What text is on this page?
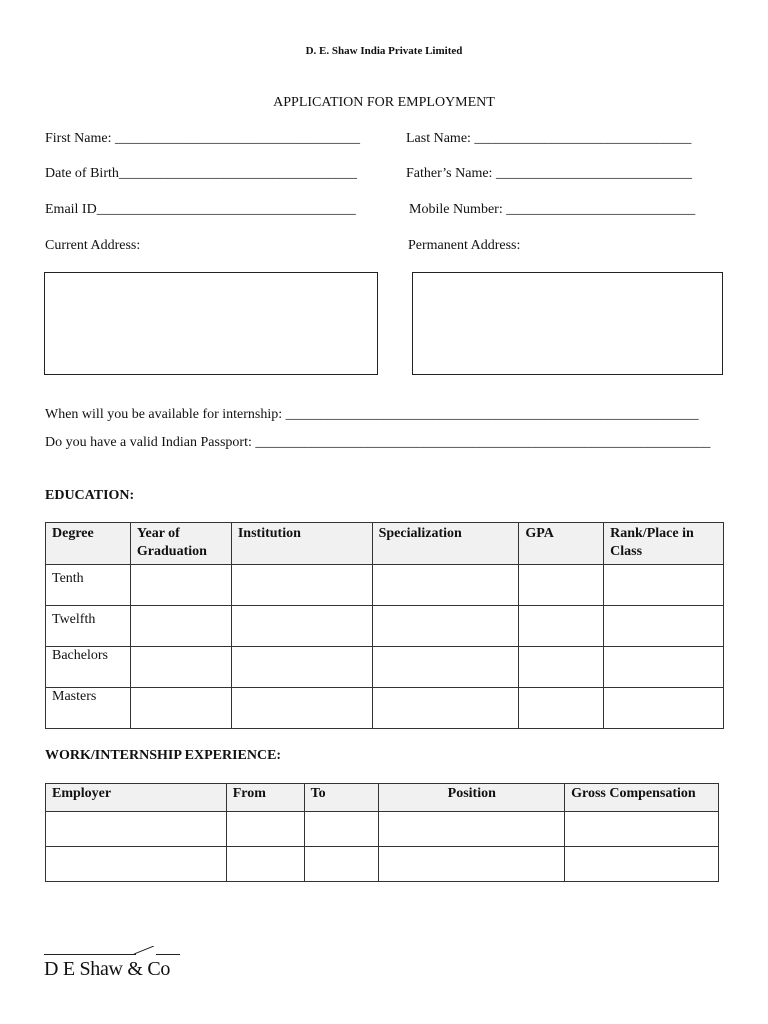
D. E. Shaw India Private Limited
APPLICATION FOR EMPLOYMENT
First Name: ___________________________________	Last Name: _______________________________
Date of Birth__________________________________	Father’s Name: ____________________________
Email ID_____________________________________	Mobile Number: ___________________________
Current Address:	Permanent Address:
When will you be available for internship: ___________________________________________________________
Do you have a valid Indian Passport: _________________________________________________________________
EDUCATION:
Degree	Year of Graduation	Institution	Specialization	GPA	Rank/Place in Class
Tenth					
Twelfth					
Bachelors					
Masters					
WORK/INTERNSHIP EXPERIENCE:
Employer	From	To	Position	Gross Compensation

D E Shaw & Co
